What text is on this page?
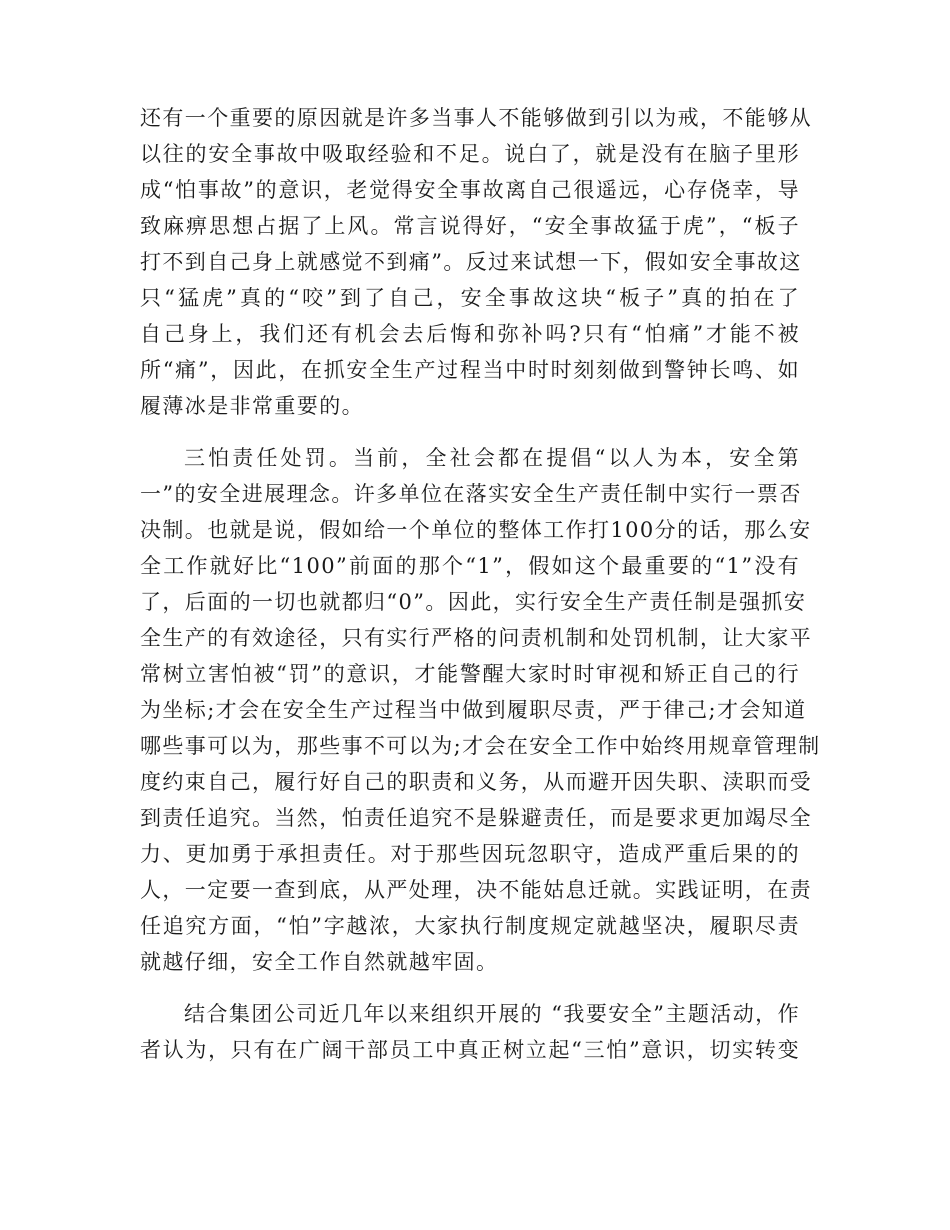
还有一个重要的原因就是许多当事人不能够做到引以为戒，不能够从
以往的安全事故中吸取经验和不足。说白了，就是没有在脑子里形
成“怕事故”的意识，老觉得安全事故离自己很遥远，心存侥幸，导
致麻痹思想占据了上风。常言说得好，“安全事故猛于虎”，“板子
打不到自己身上就感觉不到痛”。反过来试想一下，假如安全事故这
只“猛虎”真的“咬”到了自己，安全事故这块“板子”真的拍在了
自己身上，我们还有机会去后悔和弥补吗?只有“怕痛”才能不被
所“痛”，因此，在抓安全生产过程当中时时刻刻做到警钟长鸣、如
履薄冰是非常重要的。
三怕责任处罚。当前，全社会都在提倡“以人为本，安全第
一”的安全进展理念。许多单位在落实安全生产责任制中实行一票否
决制。也就是说，假如给一个单位的整体工作打100分的话，那么安
全工作就好比“100”前面的那个“1”，假如这个最重要的“1”没有
了，后面的一切也就都归“0”。因此，实行安全生产责任制是强抓安
全生产的有效途径，只有实行严格的问责机制和处罚机制，让大家平
常树立害怕被“罚”的意识，才能警醒大家时时审视和矫正自己的行
为坐标;才会在安全生产过程当中做到履职尽责，严于律己;才会知道
哪些事可以为，那些事不可以为;才会在安全工作中始终用规章管理制
度约束自己，履行好自己的职责和义务，从而避开因失职、渎职而受
到责任追究。当然，怕责任追究不是躲避责任，而是要求更加竭尽全
力、更加勇于承担责任。对于那些因玩忽职守，造成严重后果的的
人，一定要一查到底，从严处理，决不能姑息迁就。实践证明，在责
任追究方面，“怕”字越浓，大家执行制度规定就越坚决，履职尽责
就越仔细，安全工作自然就越牢固。
结合集团公司近几年以来组织开展的 “我要安全”主题活动，作
者认为，只有在广阔干部员工中真正树立起“三怕”意识，切实转变
